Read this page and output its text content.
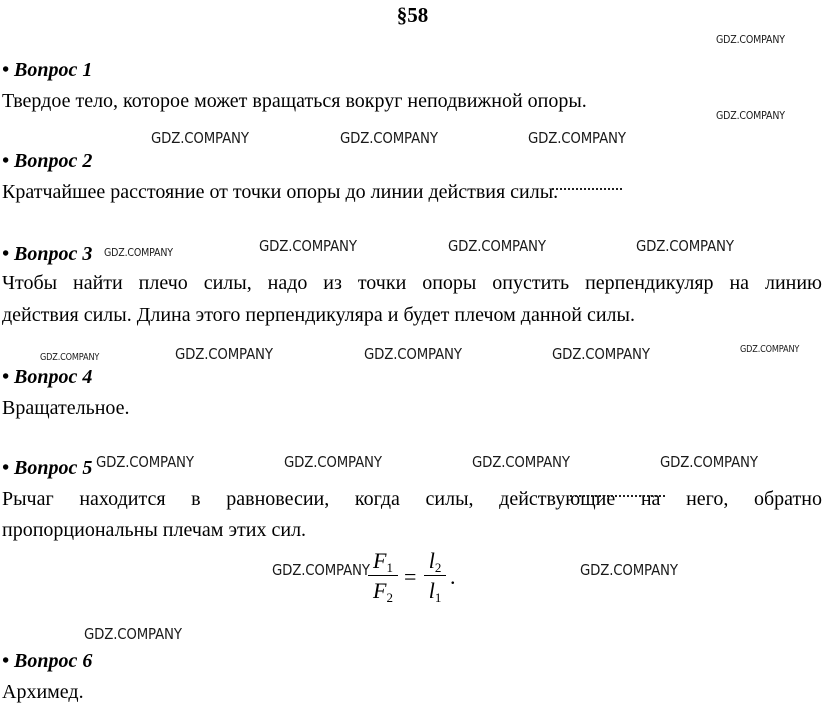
§58
• Вопрос 1
Твердое тело, которое может вращаться вокруг неподвижной опоры.
• Вопрос 2
Кратчайшее расстояние от точки опоры до линии действия силы.
• Вопрос 3
Чтобы найти плечо силы, надо из точки опоры опустить перпендикуляр на линию
действия силы. Длина этого перпендикуляра и будет плечом данной силы.
• Вопрос 4
Вращательное.
• Вопрос 5
Рычаг находится в равновесии, когда силы, действующие на него, обратно
пропорциональны плечам этих сил.
$F_1$
$F_2$
=
$l_2$
$l_1$
.
• Вопрос 6
Архимед.
GDZ.COMPANY
GDZ.COMPANY
GDZ.COMPANY	GDZ.COMPANY	GDZ.COMPANY
GDZ.COMPANY	GDZ.COMPANY	GDZ.COMPANY	GDZ.COMPANY
GDZ.COMPANY	GDZ.COMPANY	GDZ.COMPANY	GDZ.COMPANY	GDZ.COMPANY
GDZ.COMPANY	GDZ.COMPANY	GDZ.COMPANY	GDZ.COMPANY
GDZ.COMPANY	GDZ.COMPANY
GDZ.COMPANY
